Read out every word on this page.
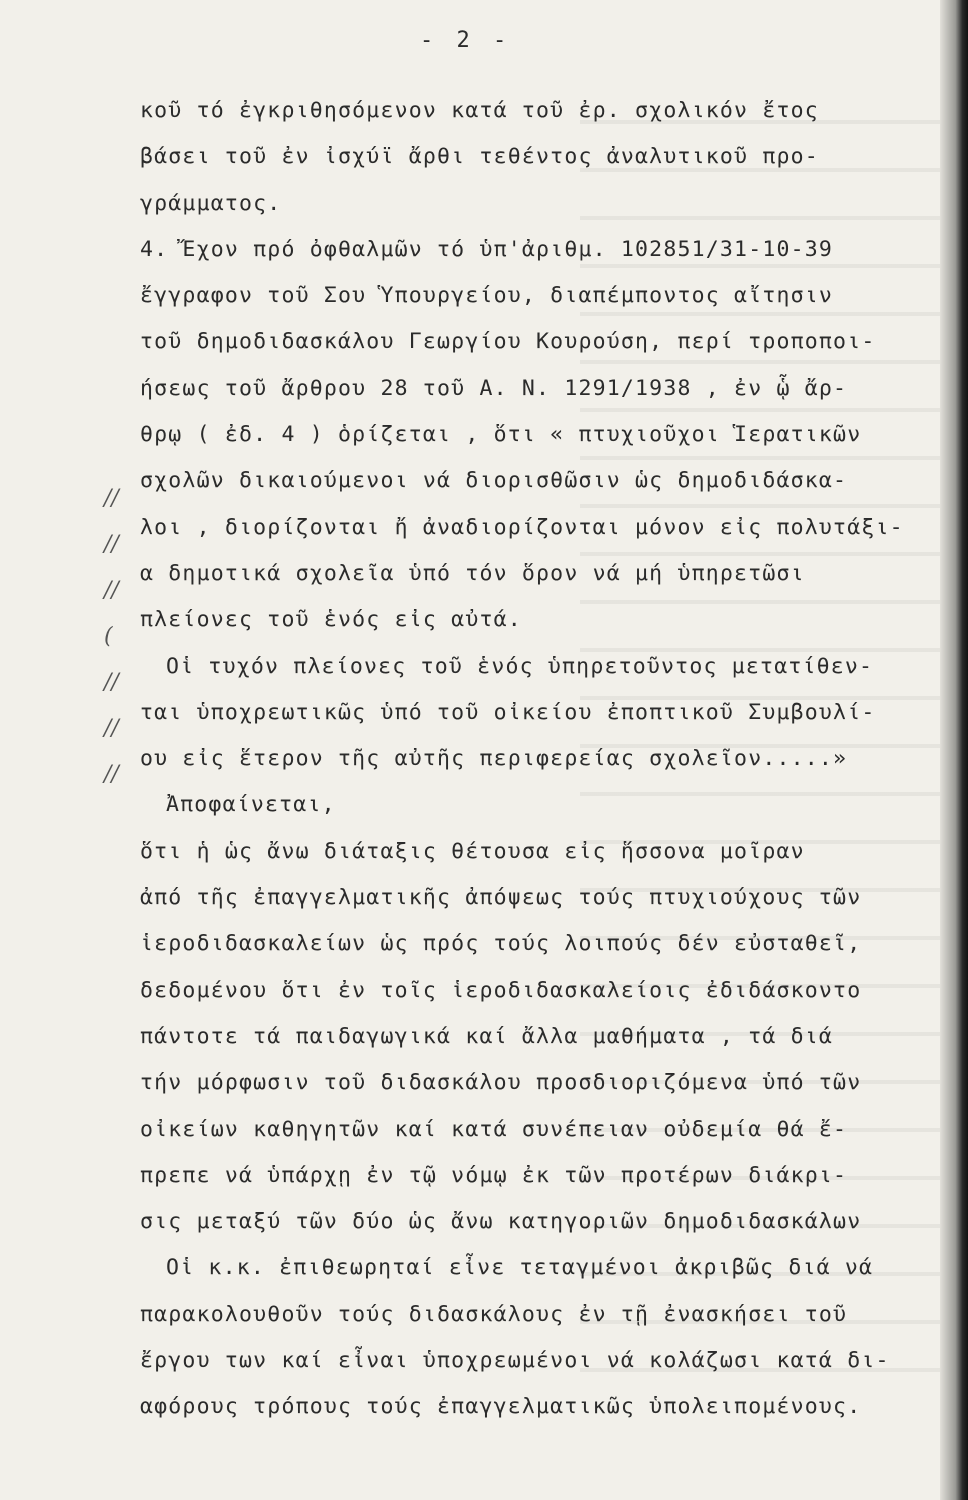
- 2 -
κοῦ τό ἐγκριθησόμενον κατά τοῦ ἐρ. σχολικόν ἔτος
βάσει τοῦ ἐν ἰσχύϊ ἄρθι τεθέντος ἀναλυτικοῦ προ-
γράμματος.
4. Ἔχον πρό ὀφθαλμῶν τό ὑπ'ἀριθμ. 102851/31-10-39
ἔγγραφον τοῦ Σου Ὑπουργείου, διαπέμποντος αἴτησιν
τοῦ δημοδιδασκάλου Γεωργίου Κουρούση, περί τροποποι-
ήσεως τοῦ ἄρθρου 28 τοῦ Α. Ν. 1291/1938 , ἐν ᾧ ἄρ-
θρῳ ( ἐδ. 4 ) ὁρίζεται , ὅτι « πτυχιοῦχοι Ἱερατικῶν
σχολῶν δικαιούμενοι νά διορισθῶσιν ὡς δημοδιδάσκα-
λοι , διορίζονται ἤ ἀναδιορίζονται μόνον εἰς πολυτάξι-
α δημοτικά σχολεῖα ὑπό τόν ὅρον νά μή ὑπηρετῶσι
πλείονες τοῦ ἑνός εἰς αὐτά.
Οἱ τυχόν πλείονες τοῦ ἑνός ὑπηρετοῦντος μετατίθεν-
ται ὑποχρεωτικῶς ὑπό τοῦ οἰκείου ἐποπτικοῦ Συμβουλί-
ου εἰς ἕτερον τῆς αὐτῆς περιφερείας σχολεῖον.....»
Ἀποφαίνεται,
ὅτι ἡ ὡς ἄνω διάταξις θέτουσα εἰς ἥσσονα μοῖραν
ἀπό τῆς ἐπαγγελματικῆς ἀπόψεως τούς πτυχιούχους τῶν
ἱεροδιδασκαλείων ὡς πρός τούς λοιπούς δέν εὐσταθεῖ,
δεδομένου ὅτι ἐν τοῖς ἱεροδιδασκαλείοις ἐδιδάσκοντο
πάντοτε τά παιδαγωγικά καί ἄλλα μαθήματα , τά διά
τήν μόρφωσιν τοῦ διδασκάλου προσδιοριζόμενα ὑπό τῶν
οἰκείων καθηγητῶν καί κατά συνέπειαν οὐδεμία θά ἔ-
πρεπε νά ὑπάρχῃ ἐν τῷ νόμῳ ἐκ τῶν προτέρων διάκρι-
σις μεταξύ τῶν δύο ὡς ἄνω κατηγοριῶν δημοδιδασκάλων
Οἱ κ.κ. ἐπιθεωρηταί εἶνε τεταγμένοι ἀκριβῶς διά νά
παρακολουθοῦν τούς διδασκάλους ἐν τῇ ἐνασκήσει τοῦ
ἔργου των καί εἶναι ὑποχρεωμένοι νά κολάζωσι κατά δι-
αφόρους τρόπους τούς ἐπαγγελματικῶς ὑπολειπομένους.
//
//
//
(
//
//
//
